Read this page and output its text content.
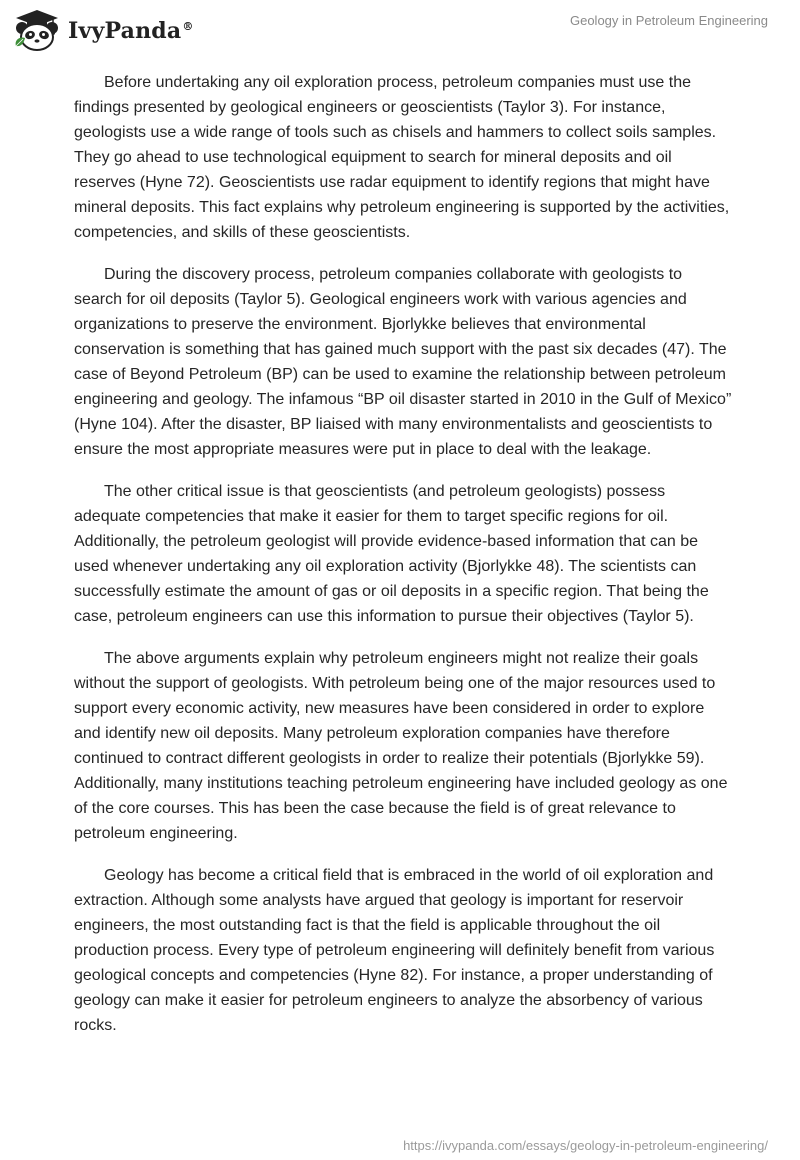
IvyPanda®	Geology in Petroleum Engineering

Before undertaking any oil exploration process, petroleum companies must use the findings presented by geological engineers or geoscientists (Taylor 3). For instance, geologists use a wide range of tools such as chisels and hammers to collect soils samples. They go ahead to use technological equipment to search for mineral deposits and oil reserves (Hyne 72). Geoscientists use radar equipment to identify regions that might have mineral deposits. This fact explains why petroleum engineering is supported by the activities, competencies, and skills of these geoscientists.

During the discovery process, petroleum companies collaborate with geologists to search for oil deposits (Taylor 5). Geological engineers work with various agencies and organizations to preserve the environment. Bjorlykke believes that environmental conservation is something that has gained much support with the past six decades (47). The case of Beyond Petroleum (BP) can be used to examine the relationship between petroleum engineering and geology. The infamous “BP oil disaster started in 2010 in the Gulf of Mexico” (Hyne 104). After the disaster, BP liaised with many environmentalists and geoscientists to ensure the most appropriate measures were put in place to deal with the leakage.

The other critical issue is that geoscientists (and petroleum geologists) possess adequate competencies that make it easier for them to target specific regions for oil. Additionally, the petroleum geologist will provide evidence-based information that can be used whenever undertaking any oil exploration activity (Bjorlykke 48). The scientists can successfully estimate the amount of gas or oil deposits in a specific region. That being the case, petroleum engineers can use this information to pursue their objectives (Taylor 5).

The above arguments explain why petroleum engineers might not realize their goals without the support of geologists. With petroleum being one of the major resources used to support every economic activity, new measures have been considered in order to explore and identify new oil deposits. Many petroleum exploration companies have therefore continued to contract different geologists in order to realize their potentials (Bjorlykke 59). Additionally, many institutions teaching petroleum engineering have included geology as one of the core courses. This has been the case because the field is of great relevance to petroleum engineering.

Geology has become a critical field that is embraced in the world of oil exploration and extraction. Although some analysts have argued that geology is important for reservoir engineers, the most outstanding fact is that the field is applicable throughout the oil production process. Every type of petroleum engineering will definitely benefit from various geological concepts and competencies (Hyne 82). For instance, a proper understanding of geology can make it easier for petroleum engineers to analyze the absorbency of various rocks.

https://ivypanda.com/essays/geology-in-petroleum-engineering/
